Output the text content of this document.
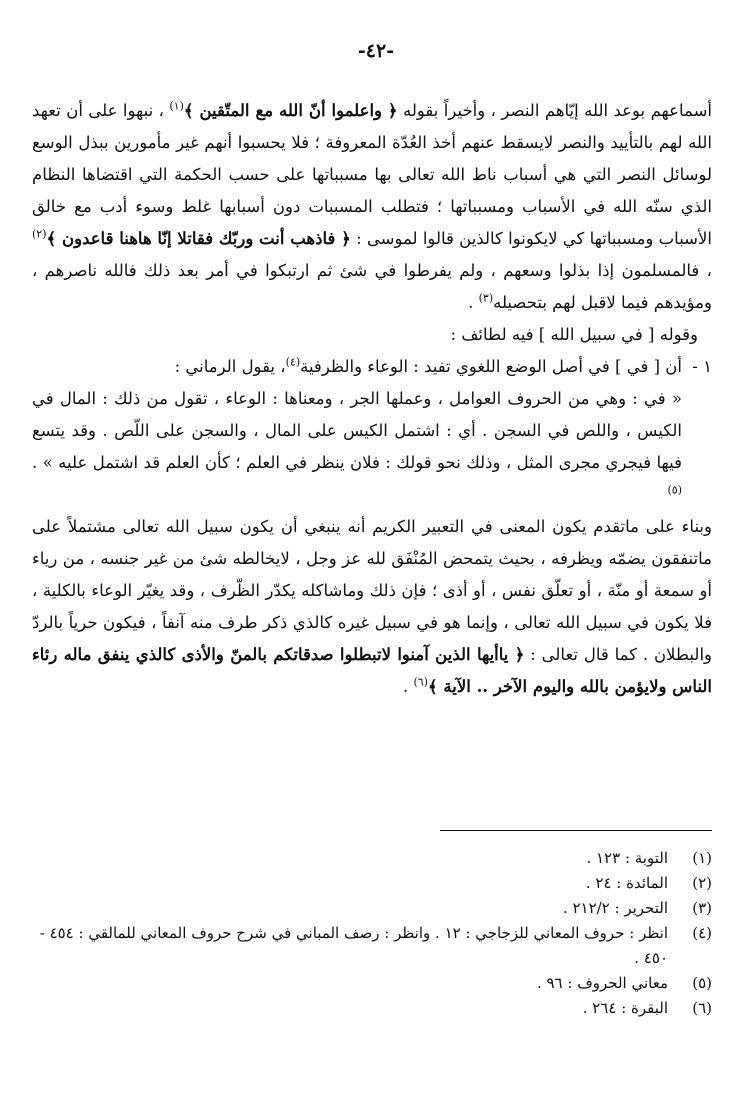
-٤٢-

أسماعهم بوعد الله إيّاهم النصر ، وأخيراً بقوله ﴿ واعلموا أنّ الله مع المتّقين ﴾$^{(١)}$ ، نبهوا على أن تعهد الله لهم بالتأييد والنصر لايسقط عنهم أخذ العُدّة المعروفة ؛ فلا يحسبوا أنهم غير مأمورين ببذل الوسع لوسائل النصر التي هي أسباب ناط الله تعالى بها مسبباتها على حسب الحكمة التي اقتضاها النظام الذي سنّه الله في الأسباب ومسبباتها ؛ فتطلب المسببات دون أسبابها غلط وسوء أدب مع خالق الأسباب ومسبباتها كي لايكونوا كالذين قالوا لموسى : ﴿ فاذهب أنت وربّك فقاتلا إنّا هاهنا قاعدون ﴾$^{(٢)}$ ، فالمسلمون إذا بذلوا وسعهم ، ولم يفرطوا في شئ ثم ارتبكوا في أمر بعد ذلك فالله ناصرهم ، ومؤيدهم فيما لاقبل لهم بتحصيله$^{(٣)}$ .

وقوله [ في سبيل الله ] فيه لطائف :

١ -
أن [ في ] في أصل الوضع اللغوي تفيد : الوعاء والظرفية$^{(٤)}$، يقول الرماني :

« في : وهي من الحروف العوامل ، وعملها الجر ، ومعناها : الوعاء ، تقول من ذلك : المال في الكيس ، واللص في السجن . أي : اشتمل الكيس على المال ، والسجن على اللّص . وقد يتسع فيها فيجري مجرى المثل ، وذلك نحو قولك : فلان ينظر في العلم ؛ كأن العلم قد اشتمل عليه » .$^{(٥)}$

وبناء على ماتقدم يكون المعنى في التعبير الكريم أنه ينبغي أن يكون سبيل الله تعالى مشتملاً على ماتنفقون يضمّه ويظرفه ، بحيث يتمحض المُنْفَق لله عز وجل ، لايخالطه شئ من غير جنسه ، من رياء أو سمعة أو منّة ، أو تعلّق نفس ، أو أذى ؛ فإن ذلك وماشاكله يكدّر الظّرف ، وقد يغيّر الوعاء بالكلية ، فلا يكون في سبيل الله تعالى ، وإنما هو في سبيل غيره كالذي ذكر طرف منه آنفاً ، فيكون حرياً بالردّ والبطلان . كما قال تعالى : ﴿ ياأيها الذين آمنوا لاتبطلوا صدقاتكم بالمنّ والأذى كالذي ينفق ماله رئاء الناس ولايؤمن بالله واليوم الآخر .. الآية ﴾$^{(٦)}$ .

(١)
التوبة : ١٢٣ .
(٢)
المائدة : ٢٤ .
(٣)
التحرير : ٢١٢/٢ .
(٤)
انظر : حروف المعاني للزجاجي : ١٢ . وانظر : رصف المباني في شرح حروف المعاني للمالقي : ٤٥٤ - ٤٥٠ .
(٥)
معاني الحروف : ٩٦ .
(٦)
البقرة : ٢٦٤ .
